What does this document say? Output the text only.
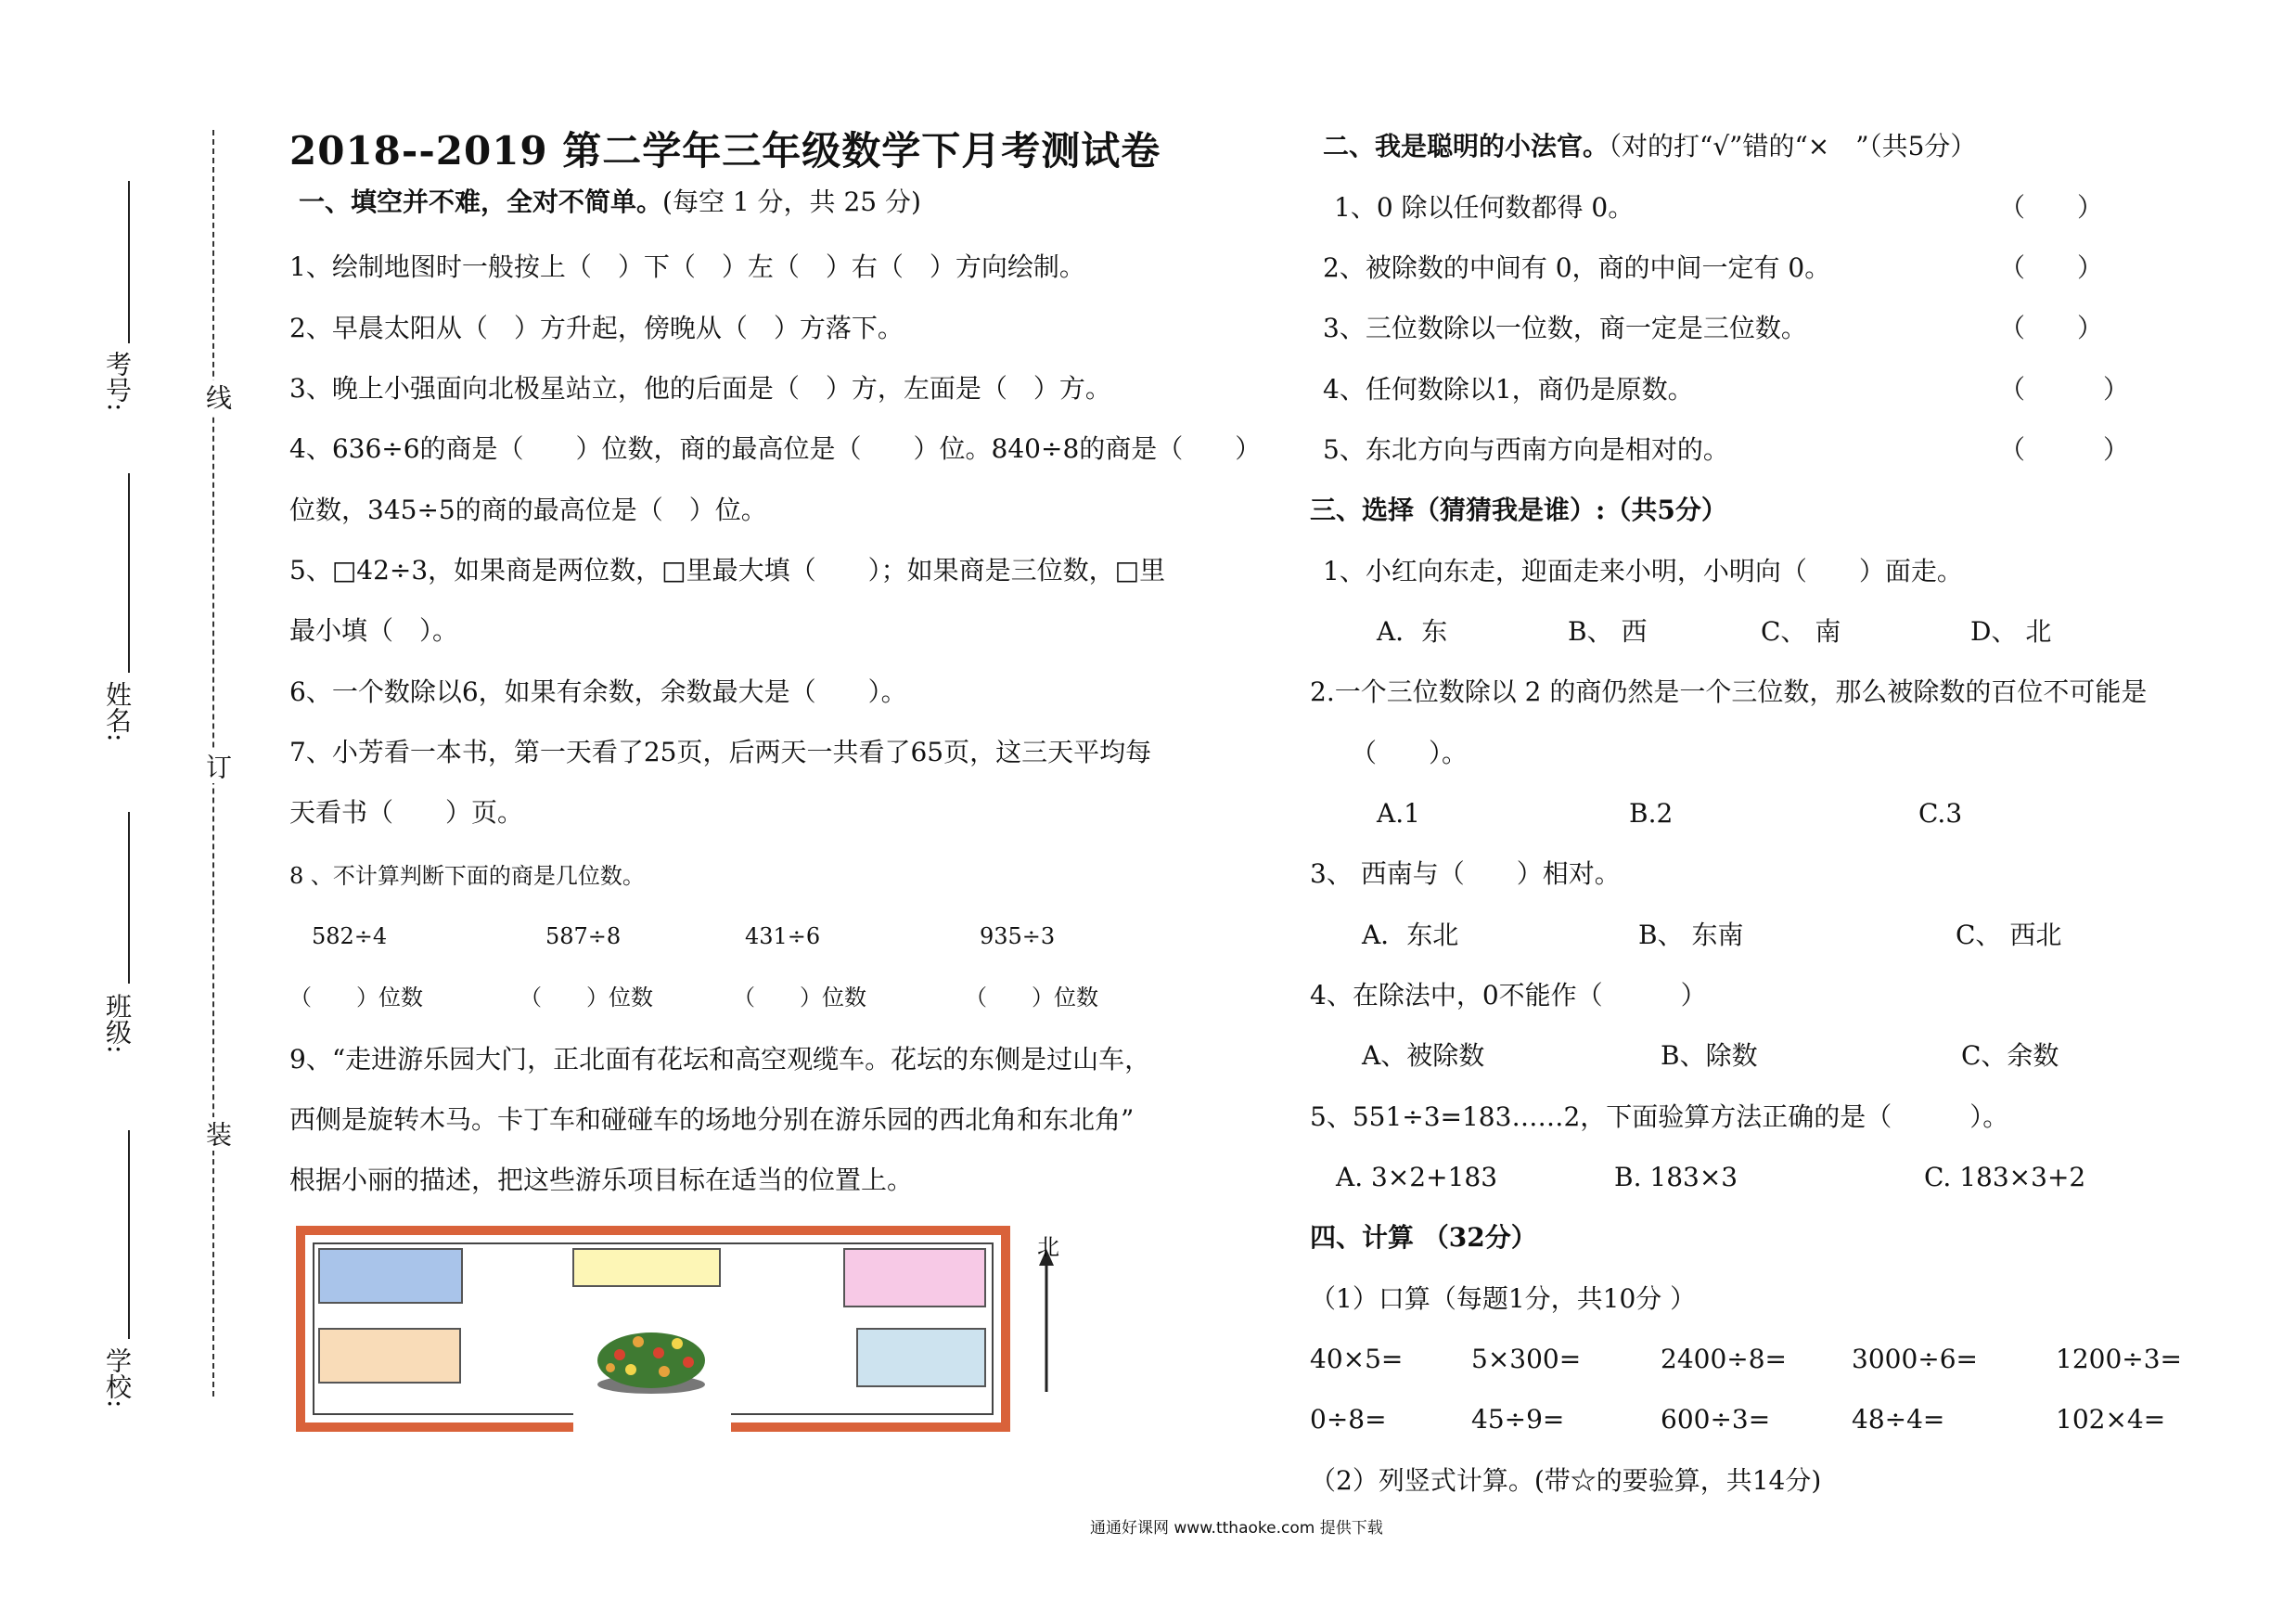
考号:
姓名:
班级:
学校:
线
订
装
2018--2019 第二学年三年级数学下月考测试卷
一、填空并不难，全对不简单。(每空 1 分，共 25 分)
1、绘制地图时一般按上（　）下（　）左（　）右（　）方向绘制。
2、早晨太阳从（　）方升起，傍晚从（　）方落下。
3、晚上小强面向北极星站立，他的后面是（　）方，左面是（　）方。
4、636÷6的商是（　　）位数，商的最高位是（　　）位。840÷8的商是（　　）
位数，345÷5的商的最高位是（　）位。
5、□42÷3，如果商是两位数，□里最大填（　　）；如果商是三位数，□里
最小填（　）。
6、一个数除以6，如果有余数，余数最大是（　　）。
7、小芳看一本书，第一天看了25页，后两天一共看了65页，这三天平均每
天看书（　　）页。
8 、不计算判断下面的商是几位数。
582÷4	587÷8	431÷6	935÷3
（　　）位数	（　　）位数	（　　）位数	（　　）位数
9、“走进游乐园大门，正北面有花坛和高空观缆车。花坛的东侧是过山车，
西侧是旋转木马。卡丁车和碰碰车的场地分别在游乐园的西北角和东北角”
根据小丽的描述，把这些游乐项目标在适当的位置上。
北
二、我是聪明的小法官。（对的打“√”错的“×　”（共5分）
1、0 除以任何数都得 0。	（　　）
2、被除数的中间有 0，商的中间一定有 0。	（　　）
3、三位数除以一位数，商一定是三位数。	（　　）
4、任何数除以1，商仍是原数。	（　　　）
5、东北方向与西南方向是相对的。	（　　　）
三、选择（猜猜我是谁）:（共5分）
1、小红向东走，迎面走来小明，小明向（　　）面走。
A．东	B、 西	C、 南	D、 北
2.一个三位数除以 2 的商仍然是一个三位数，那么被除数的百位不可能是
（　　）。
A.1	B.2	C.3
3、 西南与（　　）相对。
A．东北	B、 东南	C、 西北
4、在除法中，0不能作（　　　）
A、被除数	B、除数	C、余数
5、551÷3=183……2，下面验算方法正确的是（　　　）。
A. 3×2+183	B. 183×3	C. 183×3+2
四、计算 （32分）
（1）口算（每题1分，共10分 ）
40×5=	5×300=	2400÷8=	3000÷6=	1200÷3=
0÷8=	45÷9=	600÷3=	48÷4=	102×4=
（2）列竖式计算。(带☆的要验算，共14分)
通通好课网 www.tthaoke.com 提供下载
